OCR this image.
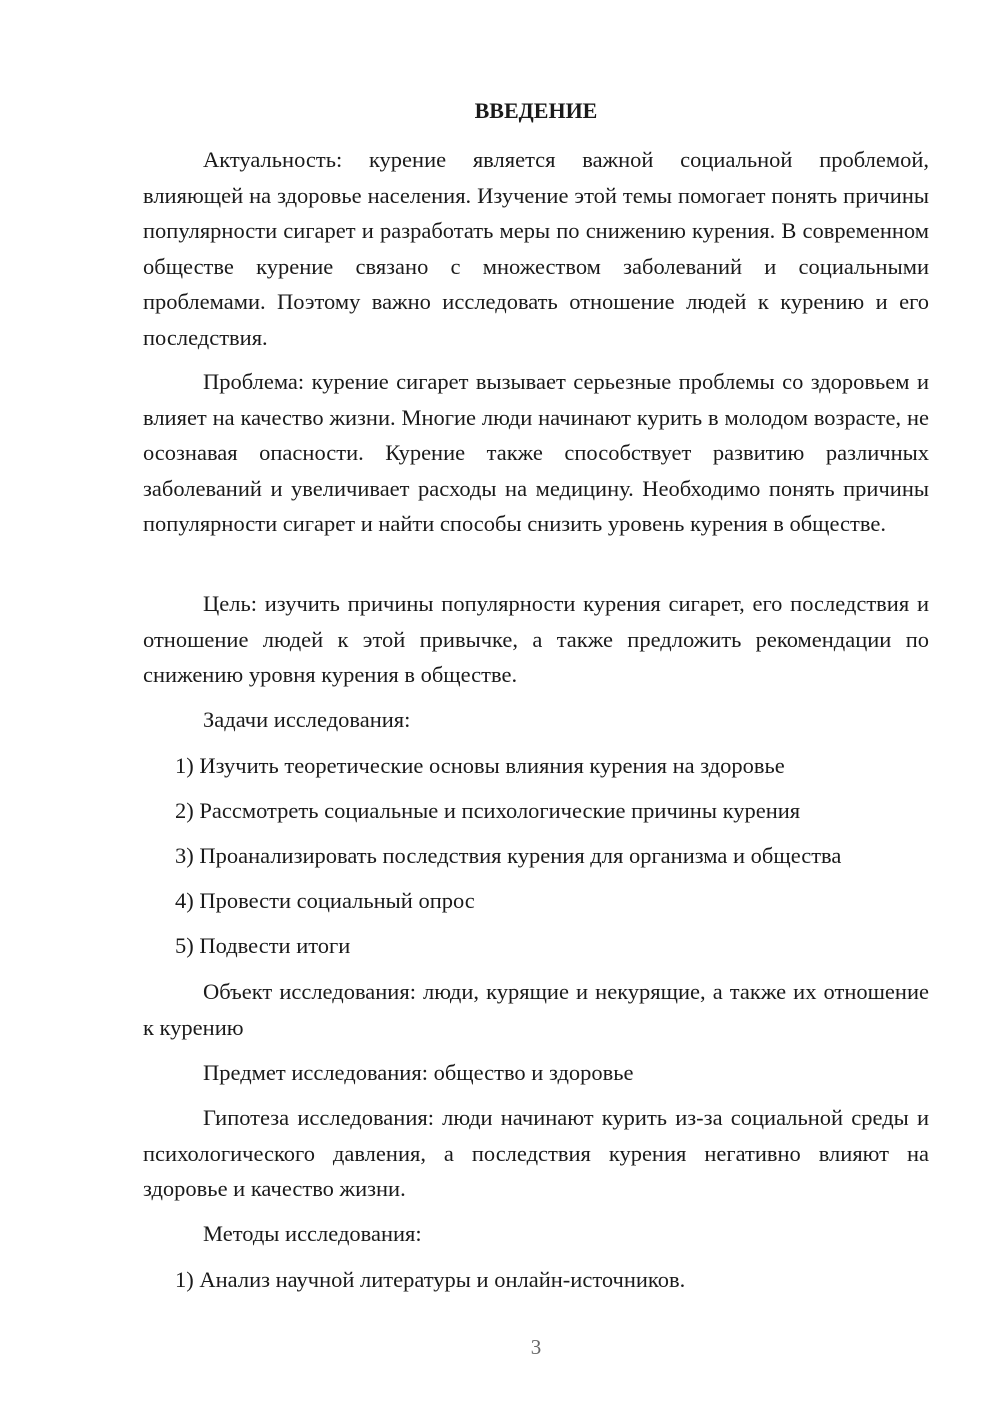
ВВЕДЕНИЕ
Актуальность: курение является важной социальной проблемой, влияющей на здоровье населения. Изучение этой темы помогает понять причины популярности сигарет и разработать меры по снижению курения. В современном обществе курение связано с множеством заболеваний и социальными проблемами. Поэтому важно исследовать отношение людей к курению и его последствия.
Проблема: курение сигарет вызывает серьезные проблемы со здоровьем и влияет на качество жизни. Многие люди начинают курить в молодом возрасте, не осознавая опасности. Курение также способствует развитию различных заболеваний и увеличивает расходы на медицину. Необходимо понять причины популярности сигарет и найти способы снизить уровень курения в обществе.
Цель: изучить причины популярности курения сигарет, его последствия и отношение людей к этой привычке, а также предложить рекомендации по снижению уровня курения в обществе.
Задачи исследования:
1) Изучить теоретические основы влияния курения на здоровье
2) Рассмотреть социальные и психологические причины курения
3) Проанализировать последствия курения для организма и общества
4) Провести социальный опрос
5) Подвести итоги
Объект исследования: люди, курящие и некурящие, а также их отношение к курению
Предмет исследования: общество и здоровье
Гипотеза исследования: люди начинают курить из-за социальной среды и психологического давления, а последствия курения негативно влияют на здоровье и качество жизни.
Методы исследования:
1) Анализ научной литературы и онлайн-источников.
3
